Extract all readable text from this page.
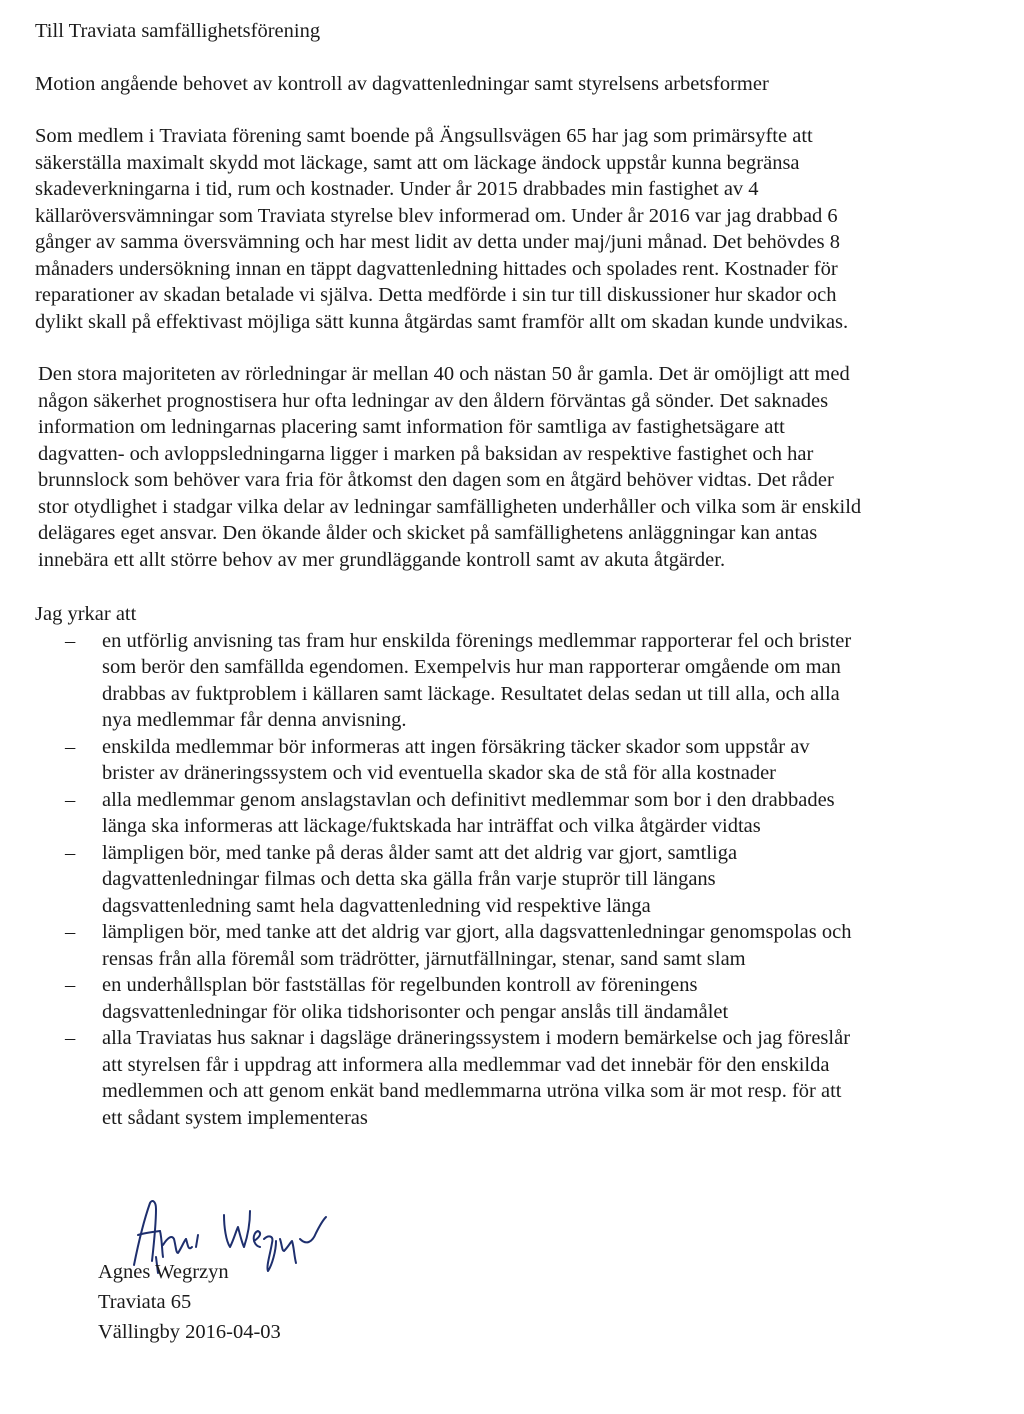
Till Traviata samfällighetsförening
Motion angående behovet av kontroll av dagvattenledningar samt styrelsens arbetsformer
Som medlem i Traviata förening samt boende på Ängsullsvägen 65 har jag som primärsyfte att
säkerställa maximalt skydd mot läckage, samt att om läckage ändock uppstår kunna begränsa
skadeverkningarna i tid, rum och kostnader. Under år 2015 drabbades min fastighet av 4
källaröversvämningar som Traviata styrelse blev informerad om. Under år 2016 var jag drabbad 6
gånger av samma översvämning och har mest lidit av detta under maj/juni månad. Det behövdes 8
månaders undersökning innan en täppt dagvattenledning hittades och spolades rent. Kostnader för
reparationer av skadan betalade vi själva. Detta medförde i sin tur till diskussioner hur skador och
dylikt skall på effektivast möjliga sätt kunna åtgärdas samt framför allt om skadan kunde undvikas.
Den stora majoriteten av rörledningar är mellan 40 och nästan 50 år gamla. Det är omöjligt att med
någon säkerhet prognostisera hur ofta ledningar av den åldern förväntas gå sönder. Det saknades
information om ledningarnas placering samt information för samtliga av fastighetsägare att
dagvatten- och avloppsledningarna ligger i marken på baksidan av respektive fastighet och har
brunnslock som behöver vara fria för åtkomst den dagen som en åtgärd behöver vidtas. Det råder
stor otydlighet i stadgar vilka delar av ledningar samfälligheten underhåller och vilka som är enskild
delägares eget ansvar. Den ökande ålder och skicket på samfällighetens anläggningar kan antas
innebära ett allt större behov av mer grundläggande kontroll samt av akuta åtgärder.
Jag yrkar att
– en utförlig anvisning tas fram hur enskilda förenings medlemmar rapporterar fel och brister
som berör den samfällda egendomen. Exempelvis hur man rapporterar omgående om man
drabbas av fuktproblem i källaren samt läckage. Resultatet delas sedan ut till alla, och alla
nya medlemmar får denna anvisning.
– enskilda medlemmar bör informeras att ingen försäkring täcker skador som uppstår av
brister av dräneringssystem och vid eventuella skador ska de stå för alla kostnader
– alla medlemmar genom anslagstavlan och definitivt medlemmar som bor i den drabbades
länga ska informeras att läckage/fuktskada har inträffat och vilka åtgärder vidtas
– lämpligen bör, med tanke på deras ålder samt att det aldrig var gjort, samtliga
dagvattenledningar filmas och detta ska gälla från varje stuprör till längans
dagsvattenledning samt hela dagvattenledning vid respektive länga
– lämpligen bör, med tanke att det aldrig var gjort, alla dagsvattenledningar genomspolas och
rensas från alla föremål som trädrötter, järnutfällningar, stenar, sand samt slam
– en underhållsplan bör fastställas för regelbunden kontroll av föreningens
dagsvattenledningar för olika tidshorisonter och pengar anslås till ändamålet
– alla Traviatas hus saknar i dagsläge dräneringssystem i modern bemärkelse och jag föreslår
att styrelsen får i uppdrag att informera alla medlemmar vad det innebär för den enskilda
medlemmen och att genom enkät band medlemmarna utröna vilka som är mot resp. för att
ett sådant system implementeras
Agnes Wegrzyn
Traviata 65
Vällingby 2016-04-03
